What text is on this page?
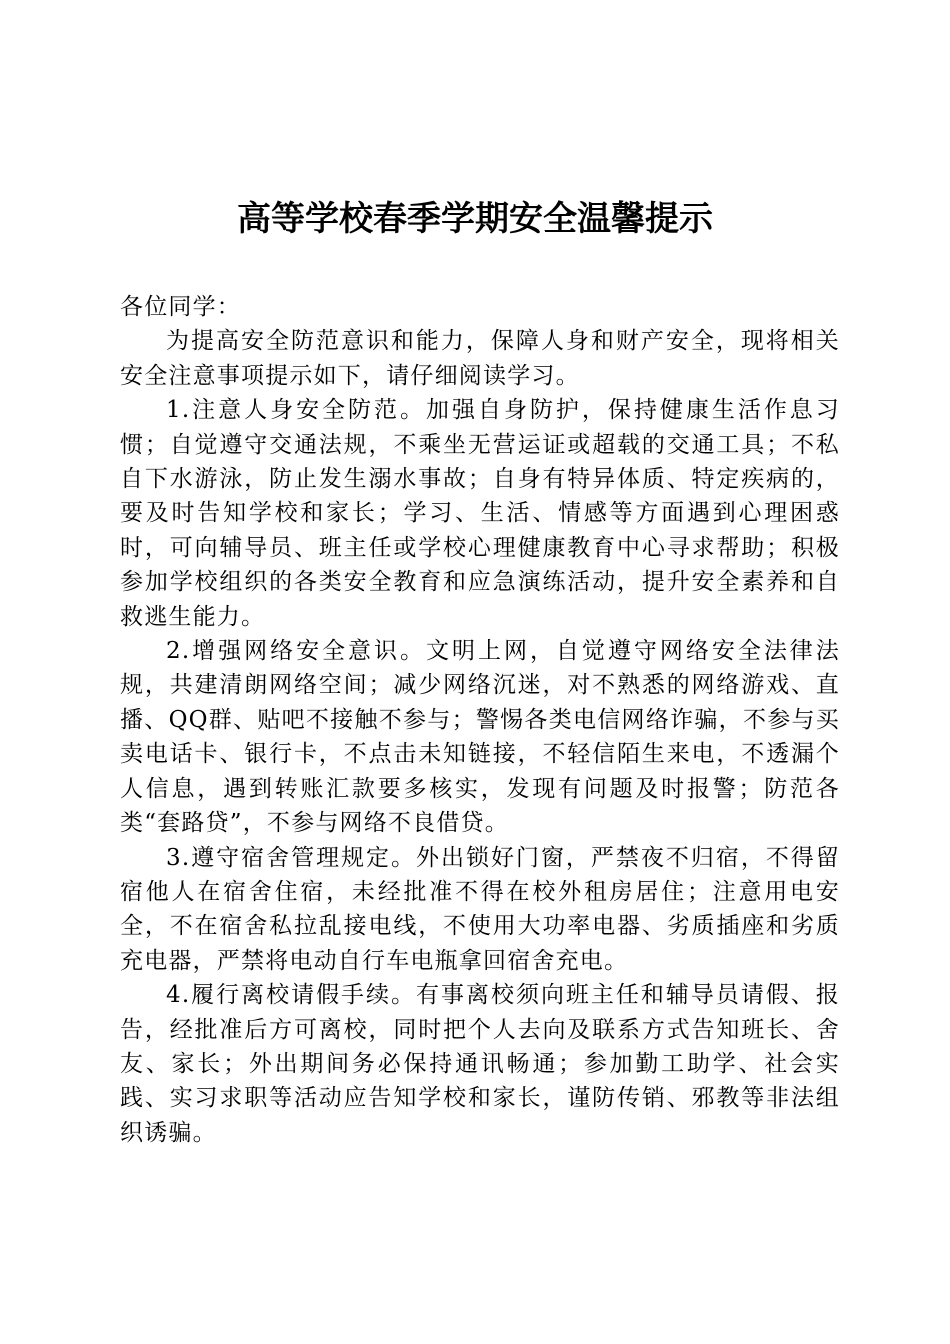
高等学校春季学期安全温馨提示

各位同学：

为提高安全防范意识和能力，保障人身和财产安全，现将相关安全注意事项提示如下，请仔细阅读学习。

1.注意人身安全防范。加强自身防护，保持健康生活作息习惯；自觉遵守交通法规，不乘坐无营运证或超载的交通工具；不私自下水游泳，防止发生溺水事故；自身有特异体质、特定疾病的，要及时告知学校和家长；学习、生活、情感等方面遇到心理困惑时，可向辅导员、班主任或学校心理健康教育中心寻求帮助；积极参加学校组织的各类安全教育和应急演练活动，提升安全素养和自救逃生能力。

2.增强网络安全意识。文明上网，自觉遵守网络安全法律法规，共建清朗网络空间；减少网络沉迷，对不熟悉的网络游戏、直播、QQ群、贴吧不接触不参与；警惕各类电信网络诈骗，不参与买卖电话卡、银行卡，不点击未知链接，不轻信陌生来电，不透漏个人信息，遇到转账汇款要多核实，发现有问题及时报警；防范各类“套路贷”，不参与网络不良借贷。

3.遵守宿舍管理规定。外出锁好门窗，严禁夜不归宿，不得留宿他人在宿舍住宿，未经批准不得在校外租房居住；注意用电安全，不在宿舍私拉乱接电线，不使用大功率电器、劣质插座和劣质充电器，严禁将电动自行车电瓶拿回宿舍充电。

4.履行离校请假手续。有事离校须向班主任和辅导员请假、报告，经批准后方可离校，同时把个人去向及联系方式告知班长、舍友、家长；外出期间务必保持通讯畅通；参加勤工助学、社会实践、实习求职等活动应告知学校和家长，谨防传销、邪教等非法组织诱骗。
